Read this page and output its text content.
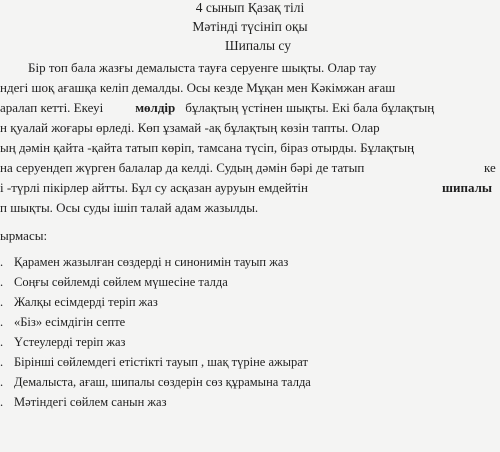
4 сынып Қазақ тілі
Мәтінді түсініп оқы
Шипалы су
Бір топ бала жазғы демалыста тауға серуенге шықты. Олар тау
ндегі шоқ ағашқа келіп демалды. Осы кезде Мұқан мен Кәкімжан ағаш
аралап кетті. Екеуі мөлдір бұлақтың үстінен шықты. Екі бала бұлақтың
н қуалай жоғары өрледі. Көп ұзамай -ақ бұлақтың көзін тапты. Олар
ың дәмін қайта -қайта татып көріп, тамсана түсіп, біраз отырды. Бұлақтың
на серуендеп жүрген балалар да келді. Судың дәмін бәрі де татып	ке
і -түрлі пікірлер айтты. Бұл су асқазан ауруын емдейтін	шипалы
п шықты. Осы суды ішіп талай адам жазылды.
ырмасы:
. Қарамен жазылған сөздерді н синонимін тауып жаз
. Соңғы сөйлемді сөйлем мүшесіне талда
. Жалқы есімдерді теріп жаз
. «Біз» есімдігін септе
. Үстеулерді теріп жаз
. Бірінші сөйлемдегі етістікті тауып , шақ түріне ажырат
. Демалыста, ағаш, шипалы сөздерін сөз құрамына талда
. Мәтіндегі сөйлем санын жаз
